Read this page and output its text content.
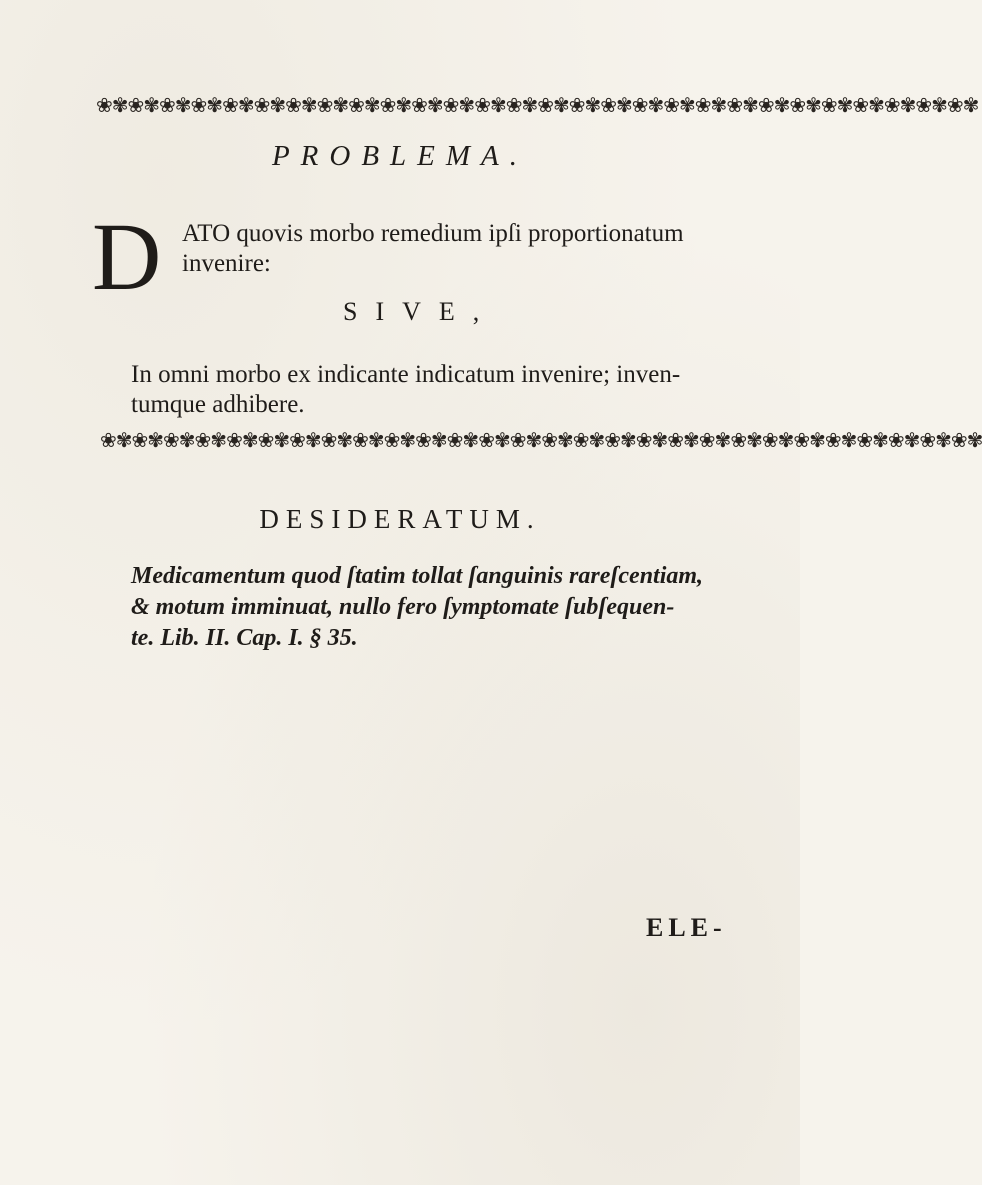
❀✾❀✾❀✾❀✾❀✾❀✾❀✾❀✾❀✾❀✾❀✾❀✾❀✾❀✾❀✾❀✾❀✾❀✾❀✾❀✾❀✾❀✾❀✾❀✾❀✾❀✾❀✾❀✾
PROBLEMA.
D ATO quovis morbo remedium ipſi proportionatum
invenire:
SIVE,
In omni morbo ex indicante indicatum invenire; inven-
tumque adhibere.
❀✾❀✾❀✾❀✾❀✾❀✾❀✾❀✾❀✾❀✾❀✾❀✾❀✾❀✾❀✾❀✾❀✾❀✾❀✾❀✾❀✾❀✾❀✾❀✾❀✾❀✾❀✾❀✾
DESIDERATUM.
Medicamentum quod ſtatim tollat ſanguinis rareſcentiam,
& motum imminuat, nullo fero ſymptomate ſubſequen-
te. Lib. II. Cap. I. § 35.
ELE-
